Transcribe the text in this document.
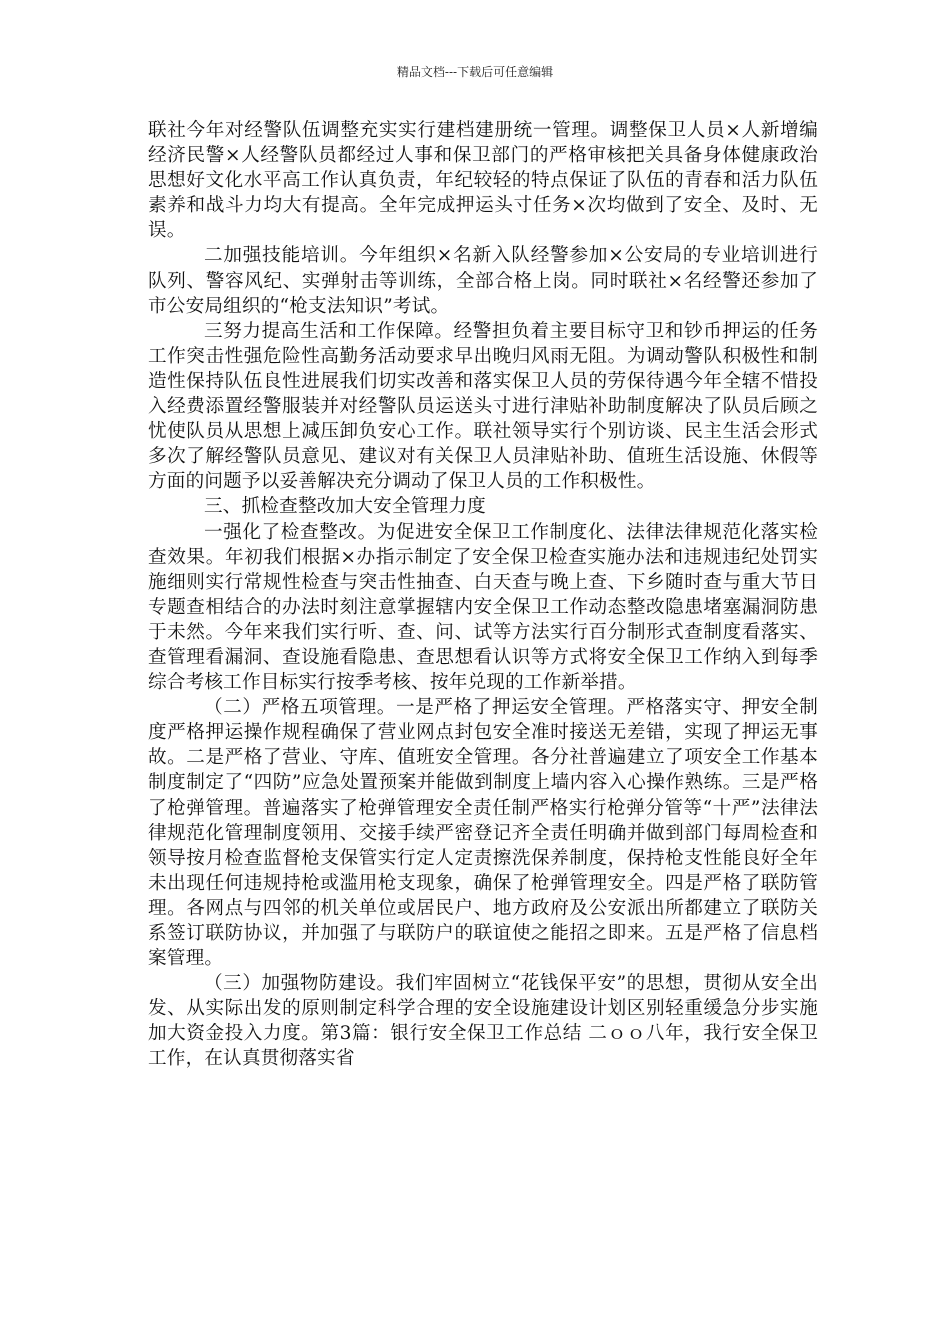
精品文档---下载后可任意编辑

联社今年对经警队伍调整充实实行建档建册统一管理。调整保卫人员×人新增编经济民警×人经警队员都经过人事和保卫部门的严格审核把关具备身体健康政治思想好文化水平高工作认真负责，年纪较轻的特点保证了队伍的青春和活力队伍素养和战斗力均大有提高。全年完成押运头寸任务×次均做到了安全、及时、无误。

二加强技能培训。今年组织×名新入队经警参加×公安局的专业培训进行队列、警容风纪、实弹射击等训练，全部合格上岗。同时联社×名经警还参加了市公安局组织的“枪支法知识”考试。

三努力提高生活和工作保障。经警担负着主要目标守卫和钞币押运的任务工作突击性强危险性高勤务活动要求早出晚归风雨无阻。为调动警队积极性和制造性保持队伍良性进展我们切实改善和落实保卫人员的劳保待遇今年全辖不惜投入经费添置经警服装并对经警队员运送头寸进行津贴补助制度解决了队员后顾之忧使队员从思想上减压卸负安心工作。联社领导实行个别访谈、民主生活会形式多次了解经警队员意见、建议对有关保卫人员津贴补助、值班生活设施、休假等方面的问题予以妥善解决充分调动了保卫人员的工作积极性。

三、抓检查整改加大安全管理力度

一强化了检查整改。为促进安全保卫工作制度化、法律法律规范化落实检查效果。年初我们根据×办指示制定了安全保卫检查实施办法和违规违纪处罚实施细则实行常规性检查与突击性抽查、白天查与晚上查、下乡随时查与重大节日专题查相结合的办法时刻注意掌握辖内安全保卫工作动态整改隐患堵塞漏洞防患于未然。今年来我们实行听、查、问、试等方法实行百分制形式查制度看落实、查管理看漏洞、查设施看隐患、查思想看认识等方式将安全保卫工作纳入到每季综合考核工作目标实行按季考核、按年兑现的工作新举措。

（二）严格五项管理。一是严格了押运安全管理。严格落实守、押安全制度严格押运操作规程确保了营业网点封包安全准时接送无差错，实现了押运无事故。二是严格了营业、守库、值班安全管理。各分社普遍建立了项安全工作基本制度制定了“四防”应急处置预案并能做到制度上墙内容入心操作熟练。三是严格了枪弹管理。普遍落实了枪弹管理安全责任制严格实行枪弹分管等“十严”法律法律规范化管理制度领用、交接手续严密登记齐全责任明确并做到部门每周检查和领导按月检查监督枪支保管实行定人定责擦洗保养制度，保持枪支性能良好全年未出现任何违规持枪或滥用枪支现象，确保了枪弹管理安全。四是严格了联防管理。各网点与四邻的机关单位或居民户、地方政府及公安派出所都建立了联防关系签订联防协议，并加强了与联防户的联谊使之能招之即来。五是严格了信息档案管理。

（三）加强物防建设。我们牢固树立“花钱保平安”的思想，贯彻从安全出发、从实际出发的原则制定科学合理的安全设施建设计划区别轻重缓急分步实施加大资金投入力度。第3篇：银行安全保卫工作总结 二ｏｏ八年，我行安全保卫工作，在认真贯彻落实省
